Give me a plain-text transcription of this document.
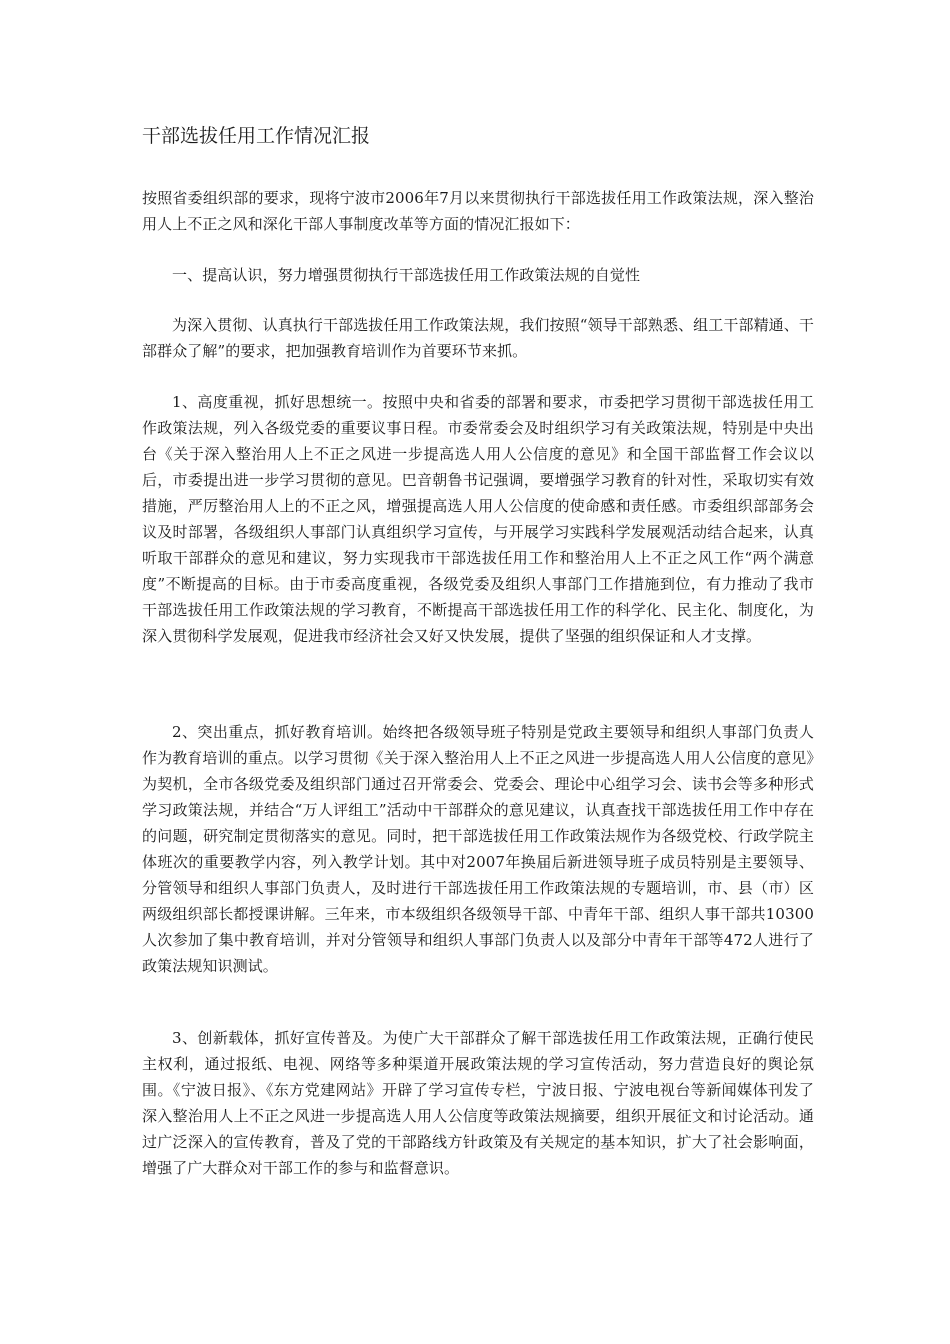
干部选拔任用工作情况汇报

按照省委组织部的要求，现将宁波市2006年7月以来贯彻执行干部选拔任用工作政策法规，深入整治用人上不正之风和深化干部人事制度改革等方面的情况汇报如下：

一、提高认识，努力增强贯彻执行干部选拔任用工作政策法规的自觉性

为深入贯彻、认真执行干部选拔任用工作政策法规，我们按照“领导干部熟悉、组工干部精通、干部群众了解”的要求，把加强教育培训作为首要环节来抓。

1、高度重视，抓好思想统一。按照中央和省委的部署和要求，市委把学习贯彻干部选拔任用工作政策法规，列入各级党委的重要议事日程。市委常委会及时组织学习有关政策法规，特别是中央出台《关于深入整治用人上不正之风进一步提高选人用人公信度的意见》和全国干部监督工作会议以后，市委提出进一步学习贯彻的意见。巴音朝鲁书记强调，要增强学习教育的针对性，采取切实有效措施，严厉整治用人上的不正之风，增强提高选人用人公信度的使命感和责任感。市委组织部部务会议及时部署，各级组织人事部门认真组织学习宣传，与开展学习实践科学发展观活动结合起来，认真听取干部群众的意见和建议，努力实现我市干部选拔任用工作和整治用人上不正之风工作“两个满意度”不断提高的目标。由于市委高度重视，各级党委及组织人事部门工作措施到位，有力推动了我市干部选拔任用工作政策法规的学习教育，不断提高干部选拔任用工作的科学化、民主化、制度化，为深入贯彻科学发展观，促进我市经济社会又好又快发展，提供了坚强的组织保证和人才支撑。

2、突出重点，抓好教育培训。始终把各级领导班子特别是党政主要领导和组织人事部门负责人作为教育培训的重点。以学习贯彻《关于深入整治用人上不正之风进一步提高选人用人公信度的意见》为契机，全市各级党委及组织部门通过召开常委会、党委会、理论中心组学习会、读书会等多种形式学习政策法规，并结合“万人评组工”活动中干部群众的意见建议，认真查找干部选拔任用工作中存在的问题，研究制定贯彻落实的意见。同时，把干部选拔任用工作政策法规作为各级党校、行政学院主体班次的重要教学内容，列入教学计划。其中对2007年换届后新进领导班子成员特别是主要领导、分管领导和组织人事部门负责人，及时进行干部选拔任用工作政策法规的专题培训，市、县（市）区两级组织部长都授课讲解。三年来，市本级组织各级领导干部、中青年干部、组织人事干部共10300人次参加了集中教育培训，并对分管领导和组织人事部门负责人以及部分中青年干部等472人进行了政策法规知识测试。

3、创新载体，抓好宣传普及。为使广大干部群众了解干部选拔任用工作政策法规，正确行使民主权利，通过报纸、电视、网络等多种渠道开展政策法规的学习宣传活动，努力营造良好的舆论氛围。《宁波日报》、《东方党建网站》开辟了学习宣传专栏，宁波日报、宁波电视台等新闻媒体刊发了深入整治用人上不正之风进一步提高选人用人公信度等政策法规摘要，组织开展征文和讨论活动。通过广泛深入的宣传教育，普及了党的干部路线方针政策及有关规定的基本知识，扩大了社会影响面，增强了广大群众对干部工作的参与和监督意识。
